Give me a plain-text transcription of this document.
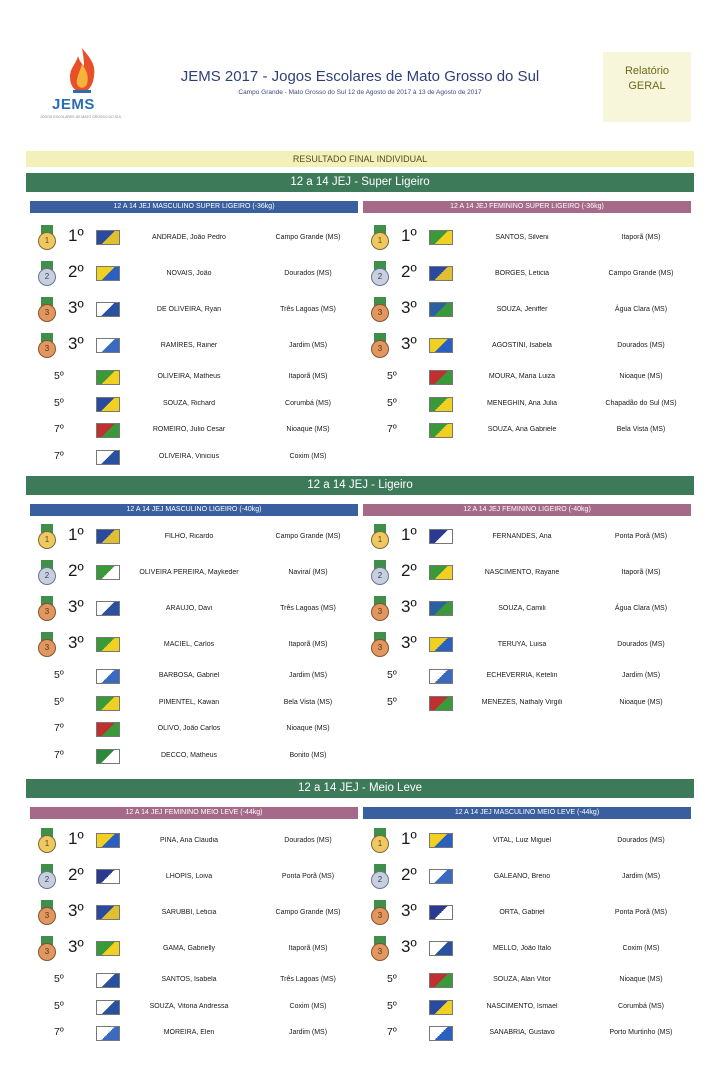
JEMS
JOGOS ESCOLARES DE MATO GROSSO DO SUL
JEMS 2017 - Jogos Escolares de Mato Grosso do Sul
Campo Grande - Mato Grosso do Sul 12 de Agosto de 2017 à 13 de Agosto de 2017
Relatório
GERAL
RESULTADO FINAL INDIVIDUAL
12 a 14 JEJ - Super Ligeiro
12 A 14 JEJ MASCULINO SUPER LIGEIRO (-36kg)
1	1º	ANDRADE, João Pedro	Campo Grande (MS)
2	2º	NOVAIS, João	Dourados (MS)
3	3º	DE OLIVEIRA, Ryan	Três Lagoas (MS)
3	3º	RAMIRES, Rainer	Jardim (MS)
5º	OLIVEIRA, Matheus	Itaporã (MS)
5º	SOUZA, Richard	Corumbá (MS)
7º	ROMEIRO, Julio Cesar	Nioaque (MS)
7º	OLIVEIRA, Vinicius	Coxim (MS)
12 A 14 JEJ FEMININO SUPER LIGEIRO (-36kg)
1	1º	SANTOS, Silveni	Itaporã (MS)
2	2º	BORGES, Leticia	Campo Grande (MS)
3	3º	SOUZA, Jeniffer	Água Clara (MS)
3	3º	AGOSTINI, Isabela	Dourados (MS)
5º	MOURA, Maria Luiza	Nioaque (MS)
5º	MENEGHIN, Ana Julia	Chapadão do Sul (MS)
7º	SOUZA, Ana Gabriele	Bela Vista (MS)
12 a 14 JEJ - Ligeiro
12 A 14 JEJ MASCULINO LIGEIRO (-40kg)
1	1º	FILHO, Ricardo	Campo Grande (MS)
2	2º	OLIVEIRA PEREIRA, Maykeder	Naviraí (MS)
3	3º	ARAÚJO, Davi	Três Lagoas (MS)
3	3º	MACIEL, Carlos	Itaporã (MS)
5º	BARBOSA, Gabriel	Jardim (MS)
5º	PIMENTEL, Kawan	Bela Vista (MS)
7º	OLIVO, João Carlos	Nioaque (MS)
7º	DECCÓ, Matheus	Bonito (MS)
12 A 14 JEJ FEMININO LIGEIRO (-40kg)
1	1º	FERNANDES, Ana	Ponta Porã (MS)
2	2º	NASCIMENTO, Rayane	Itaporã (MS)
3	3º	SOUZA, Camili	Água Clara (MS)
3	3º	TERUYA, Luisa	Dourados (MS)
5º	ECHEVERRIA, Ketelin	Jardim (MS)
5º	MENEZES, Nathaly Virgili	Nioaque (MS)
12 a 14 JEJ - Meio Leve
12 A 14 JEJ FEMININO MEIO LEVE (-44kg)
1	1º	PINA, Ana Claudia	Dourados (MS)
2	2º	LHOPIS, Loiva	Ponta Porã (MS)
3	3º	SARUBBI, Leticia	Campo Grande (MS)
3	3º	GAMA, Gabrielly	Itaporã (MS)
5º	SANTOS, Isabela	Três Lagoas (MS)
5º	SOUZA, Vitoria Andressa	Coxim (MS)
7º	MOREIRA, Elen	Jardim (MS)
12 A 14 JEJ MASCULINO MEIO LEVE (-44kg)
1	1º	VITAL, Luiz Miguel	Dourados (MS)
2	2º	GALEANO, Breno	Jardim (MS)
3	3º	ORTA, Gabriel	Ponta Porã (MS)
3	3º	MELLO, João Italo	Coxim (MS)
5º	SOUZA, Alan Vitor	Nioaque (MS)
5º	NASCIMENTO, Ismael	Corumbá (MS)
7º	SANABRIA, Gustavo	Porto Murtinho (MS)
